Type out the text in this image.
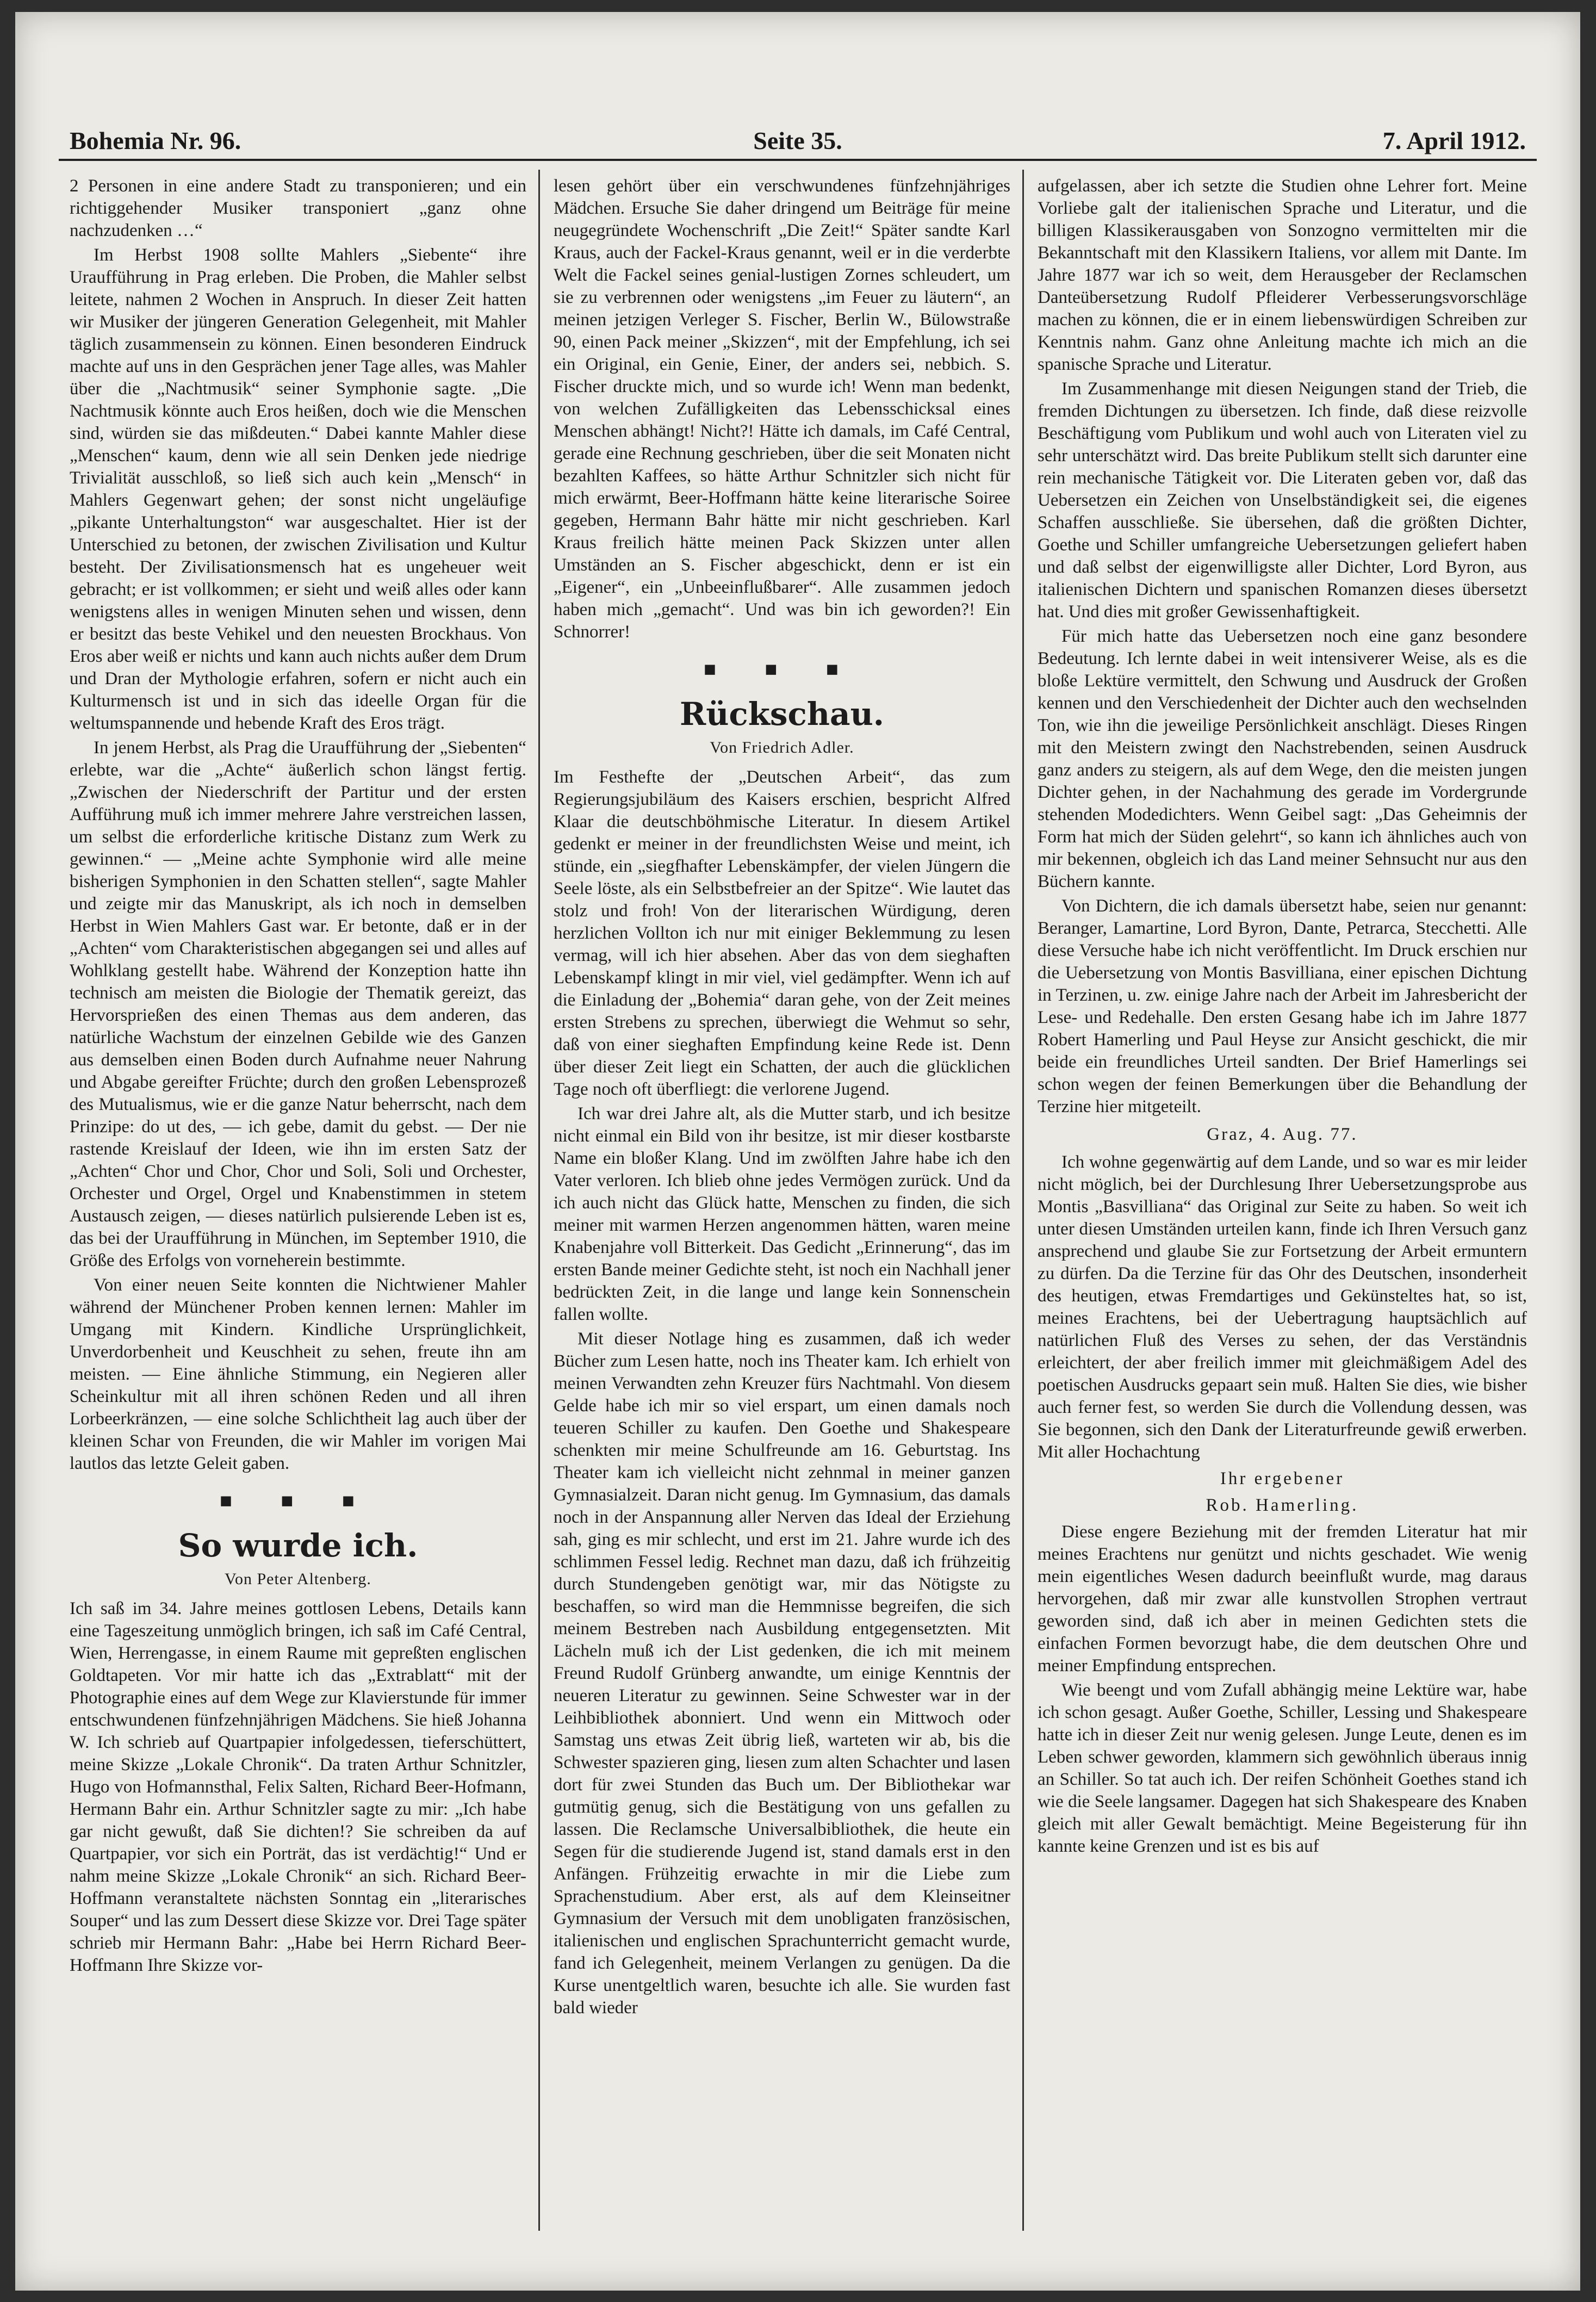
Bohemia Nr. 96.	Seite 35.	7. April 1912.

2 Personen in eine andere Stadt zu transponieren; und ein richtiggehender Musiker transponiert „ganz ohne nachzudenken …“

Im Herbst 1908 sollte Mahlers „Siebente“ ihre Uraufführung in Prag erleben. Die Proben, die Mahler selbst leitete, nahmen 2 Wochen in Anspruch. In dieser Zeit hatten wir Musiker der jüngeren Generation Gelegenheit, mit Mahler täglich zusammensein zu können. Einen besonderen Eindruck machte auf uns in den Gesprächen jener Tage alles, was Mahler über die „Nachtmusik“ seiner Symphonie sagte. „Die Nachtmusik könnte auch Eros heißen, doch wie die Menschen sind, würden sie das mißdeuten.“ Dabei kannte Mahler diese „Menschen“ kaum, denn wie all sein Denken jede niedrige Trivialität ausschloß, so ließ sich auch kein „Mensch“ in Mahlers Gegenwart gehen; der sonst nicht ungeläufige „pikante Unterhaltungston“ war ausgeschaltet. Hier ist der Unterschied zu betonen, der zwischen Zivilisation und Kultur besteht. Der Zivilisationsmensch hat es ungeheuer weit gebracht; er ist vollkommen; er sieht und weiß alles oder kann wenigstens alles in wenigen Minuten sehen und wissen, denn er besitzt das beste Vehikel und den neuesten Brockhaus. Von Eros aber weiß er nichts und kann auch nichts außer dem Drum und Dran der Mythologie erfahren, sofern er nicht auch ein Kulturmensch ist und in sich das ideelle Organ für die weltumspannende und hebende Kraft des Eros trägt.

In jenem Herbst, als Prag die Uraufführung der „Siebenten“ erlebte, war die „Achte“ äußerlich schon längst fertig. „Zwischen der Niederschrift der Partitur und der ersten Aufführung muß ich immer mehrere Jahre verstreichen lassen, um selbst die erforderliche kritische Distanz zum Werk zu gewinnen.“ — „Meine achte Symphonie wird alle meine bisherigen Symphonien in den Schatten stellen“, sagte Mahler und zeigte mir das Manuskript, als ich noch in demselben Herbst in Wien Mahlers Gast war. Er betonte, daß er in der „Achten“ vom Charakteristischen abgegangen sei und alles auf Wohlklang gestellt habe. Während der Konzeption hatte ihn technisch am meisten die Biologie der Thematik gereizt, das Hervorsprießen des einen Themas aus dem anderen, das natürliche Wachstum der einzelnen Gebilde wie des Ganzen aus demselben einen Boden durch Aufnahme neuer Nahrung und Abgabe gereifter Früchte; durch den großen Lebensprozeß des Mutualismus, wie er die ganze Natur beherrscht, nach dem Prinzipe: do ut des, — ich gebe, damit du gebst. — Der nie rastende Kreislauf der Ideen, wie ihn im ersten Satz der „Achten“ Chor und Chor, Chor und Soli, Soli und Orchester, Orchester und Orgel, Orgel und Knabenstimmen in stetem Austausch zeigen, — dieses natürlich pulsierende Leben ist es, das bei der Uraufführung in München, im September 1910, die Größe des Erfolgs von vorneherein bestimmte.

Von einer neuen Seite konnten die Nichtwiener Mahler während der Münchener Proben kennen lernen: Mahler im Umgang mit Kindern. Kindliche Ursprünglichkeit, Unverdorbenheit und Keuschheit zu sehen, freute ihn am meisten. — Eine ähnliche Stimmung, ein Negieren aller Scheinkultur mit all ihren schönen Reden und all ihren Lorbeerkränzen, — eine solche Schlichtheit lag auch über der kleinen Schar von Freunden, die wir Mahler im vorigen Mai lautlos das letzte Geleit gaben.

■ ■ ■
So wurde ich.
Von Peter Altenberg.

Ich saß im 34. Jahre meines gottlosen Lebens, Details kann eine Tageszeitung unmöglich bringen, ich saß im Café Central, Wien, Herrengasse, in einem Raume mit gepreßten englischen Goldtapeten. Vor mir hatte ich das „Extrablatt“ mit der Photographie eines auf dem Wege zur Klavierstunde für immer entschwundenen fünfzehnjährigen Mädchens. Sie hieß Johanna W. Ich schrieb auf Quartpapier infolgedessen, tieferschüttert, meine Skizze „Lokale Chronik“. Da traten Arthur Schnitzler, Hugo von Hofmannsthal, Felix Salten, Richard Beer-Hofmann, Hermann Bahr ein. Arthur Schnitzler sagte zu mir: „Ich habe gar nicht gewußt, daß Sie dichten!? Sie schreiben da auf Quartpapier, vor sich ein Porträt, das ist verdächtig!“ Und er nahm meine Skizze „Lokale Chronik“ an sich. Richard Beer-Hoffmann veranstaltete nächsten Sonntag ein „literarisches Souper“ und las zum Dessert diese Skizze vor. Drei Tage später schrieb mir Hermann Bahr: „Habe bei Herrn Richard Beer-Hoffmann Ihre Skizze vor-

lesen gehört über ein verschwundenes fünfzehnjähriges Mädchen. Ersuche Sie daher dringend um Beiträge für meine neugegründete Wochenschrift „Die Zeit!“ Später sandte Karl Kraus, auch der Fackel-Kraus genannt, weil er in die verderbte Welt die Fackel seines genial-lustigen Zornes schleudert, um sie zu verbrennen oder wenigstens „im Feuer zu läutern“, an meinen jetzigen Verleger S. Fischer, Berlin W., Bülowstraße 90, einen Pack meiner „Skizzen“, mit der Empfehlung, ich sei ein Original, ein Genie, Einer, der anders sei, nebbich. S. Fischer druckte mich, und so wurde ich! Wenn man bedenkt, von welchen Zufälligkeiten das Lebensschicksal eines Menschen abhängt! Nicht?! Hätte ich damals, im Café Central, gerade eine Rechnung geschrieben, über die seit Monaten nicht bezahlten Kaffees, so hätte Arthur Schnitzler sich nicht für mich erwärmt, Beer-Hoffmann hätte keine literarische Soiree gegeben, Hermann Bahr hätte mir nicht geschrieben. Karl Kraus freilich hätte meinen Pack Skizzen unter allen Umständen an S. Fischer abgeschickt, denn er ist ein „Eigener“, ein „Unbeeinflußbarer“. Alle zusammen jedoch haben mich „gemacht“. Und was bin ich geworden?! Ein Schnorrer!

■ ■ ■
Rückschau.
Von Friedrich Adler.

Im Festhefte der „Deutschen Arbeit“, das zum Regierungsjubiläum des Kaisers erschien, bespricht Alfred Klaar die deutschböhmische Literatur. In diesem Artikel gedenkt er meiner in der freundlichsten Weise und meint, ich stünde, ein „siegfhafter Lebenskämpfer, der vielen Jüngern die Seele löste, als ein Selbstbefreier an der Spitze“. Wie lautet das stolz und froh! Von der literarischen Würdigung, deren herzlichen Vollton ich nur mit einiger Beklemmung zu lesen vermag, will ich hier absehen. Aber das von dem sieghaften Lebenskampf klingt in mir viel, viel gedämpfter. Wenn ich auf die Einladung der „Bohemia“ daran gehe, von der Zeit meines ersten Strebens zu sprechen, überwiegt die Wehmut so sehr, daß von einer sieghaften Empfindung keine Rede ist. Denn über dieser Zeit liegt ein Schatten, der auch die glücklichen Tage noch oft überfliegt: die verlorene Jugend.

Ich war drei Jahre alt, als die Mutter starb, und ich besitze nicht einmal ein Bild von ihr besitze, ist mir dieser kostbarste Name ein bloßer Klang. Und im zwölften Jahre habe ich den Vater verloren. Ich blieb ohne jedes Vermögen zurück. Und da ich auch nicht das Glück hatte, Menschen zu finden, die sich meiner mit warmen Herzen angenommen hätten, waren meine Knabenjahre voll Bitterkeit. Das Gedicht „Erinnerung“, das im ersten Bande meiner Gedichte steht, ist noch ein Nachhall jener bedrückten Zeit, in die lange und lange kein Sonnenschein fallen wollte.

Mit dieser Notlage hing es zusammen, daß ich weder Bücher zum Lesen hatte, noch ins Theater kam. Ich erhielt von meinen Verwandten zehn Kreuzer fürs Nachtmahl. Von diesem Gelde habe ich mir so viel erspart, um einen damals noch teueren Schiller zu kaufen. Den Goethe und Shakespeare schenkten mir meine Schulfreunde am 16. Geburtstag. Ins Theater kam ich vielleicht nicht zehnmal in meiner ganzen Gymnasialzeit. Daran nicht genug. Im Gymnasium, das damals noch in der Anspannung aller Nerven das Ideal der Erziehung sah, ging es mir schlecht, und erst im 21. Jahre wurde ich des schlimmen Fessel ledig. Rechnet man dazu, daß ich frühzeitig durch Stundengeben genötigt war, mir das Nötigste zu beschaffen, so wird man die Hemmnisse begreifen, die sich meinem Bestreben nach Ausbildung entgegensetzten. Mit Lächeln muß ich der List gedenken, die ich mit meinem Freund Rudolf Grünberg anwandte, um einige Kenntnis der neueren Literatur zu gewinnen. Seine Schwester war in der Leihbibliothek abonniert. Und wenn ein Mittwoch oder Samstag uns etwas Zeit übrig ließ, warteten wir ab, bis die Schwester spazieren ging, liesen zum alten Schachter und lasen dort für zwei Stunden das Buch um. Der Bibliothekar war gutmütig genug, sich die Bestätigung von uns gefallen zu lassen. Die Reclamsche Universalbibliothek, die heute ein Segen für die studierende Jugend ist, stand damals erst in den Anfängen. Frühzeitig erwachte in mir die Liebe zum Sprachenstudium. Aber erst, als auf dem Kleinseitner Gymnasium der Versuch mit dem unobligaten französischen, italienischen und englischen Sprachunterricht gemacht wurde, fand ich Gelegenheit, meinem Verlangen zu genügen. Da die Kurse unentgeltlich waren, besuchte ich alle. Sie wurden fast bald wieder

aufgelassen, aber ich setzte die Studien ohne Lehrer fort. Meine Vorliebe galt der italienischen Sprache und Literatur, und die billigen Klassikerausgaben von Sonzogno vermittelten mir die Bekanntschaft mit den Klassikern Italiens, vor allem mit Dante. Im Jahre 1877 war ich so weit, dem Herausgeber der Reclamschen Danteübersetzung Rudolf Pfleiderer Verbesserungsvorschläge machen zu können, die er in einem liebenswürdigen Schreiben zur Kenntnis nahm. Ganz ohne Anleitung machte ich mich an die spanische Sprache und Literatur.

Im Zusammenhange mit diesen Neigungen stand der Trieb, die fremden Dichtungen zu übersetzen. Ich finde, daß diese reizvolle Beschäftigung vom Publikum und wohl auch von Literaten viel zu sehr unterschätzt wird. Das breite Publikum stellt sich darunter eine rein mechanische Tätigkeit vor. Die Literaten geben vor, daß das Uebersetzen ein Zeichen von Unselbständigkeit sei, die eigenes Schaffen ausschließe. Sie übersehen, daß die größten Dichter, Goethe und Schiller umfangreiche Uebersetzungen geliefert haben und daß selbst der eigenwilligste aller Dichter, Lord Byron, aus italienischen Dichtern und spanischen Romanzen dieses übersetzt hat. Und dies mit großer Gewissenhaftigkeit.

Für mich hatte das Uebersetzen noch eine ganz besondere Bedeutung. Ich lernte dabei in weit intensiverer Weise, als es die bloße Lektüre vermittelt, den Schwung und Ausdruck der Großen kennen und den Verschiedenheit der Dichter auch den wechselnden Ton, wie ihn die jeweilige Persönlichkeit anschlägt. Dieses Ringen mit den Meistern zwingt den Nachstrebenden, seinen Ausdruck ganz anders zu steigern, als auf dem Wege, den die meisten jungen Dichter gehen, in der Nachahmung des gerade im Vordergrunde stehenden Modedichters. Wenn Geibel sagt: „Das Geheimnis der Form hat mich der Süden gelehrt“, so kann ich ähnliches auch von mir bekennen, obgleich ich das Land meiner Sehnsucht nur aus den Büchern kannte.

Von Dichtern, die ich damals übersetzt habe, seien nur genannt: Beranger, Lamartine, Lord Byron, Dante, Petrarca, Stecchetti. Alle diese Versuche habe ich nicht veröffentlicht. Im Druck erschien nur die Uebersetzung von Montis Basvilliana, einer epischen Dichtung in Terzinen, u. zw. einige Jahre nach der Arbeit im Jahresbericht der Lese- und Redehalle. Den ersten Gesang habe ich im Jahre 1877 Robert Hamerling und Paul Heyse zur Ansicht geschickt, die mir beide ein freundliches Urteil sandten. Der Brief Hamerlings sei schon wegen der feinen Bemerkungen über die Behandlung der Terzine hier mitgeteilt.

Graz, 4. Aug. 77.

Ich wohne gegenwärtig auf dem Lande, und so war es mir leider nicht möglich, bei der Durchlesung Ihrer Uebersetzungsprobe aus Montis „Basvilliana“ das Original zur Seite zu haben. So weit ich unter diesen Umständen urteilen kann, finde ich Ihren Versuch ganz ansprechend und glaube Sie zur Fortsetzung der Arbeit ermuntern zu dürfen. Da die Terzine für das Ohr des Deutschen, insonderheit des heutigen, etwas Fremdartiges und Gekünsteltes hat, so ist, meines Erachtens, bei der Uebertragung hauptsächlich auf natürlichen Fluß des Verses zu sehen, der das Verständnis erleichtert, der aber freilich immer mit gleichmäßigem Adel des poetischen Ausdrucks gepaart sein muß. Halten Sie dies, wie bisher auch ferner fest, so werden Sie durch die Vollendung dessen, was Sie begonnen, sich den Dank der Literaturfreunde gewiß erwerben. Mit aller Hochachtung

Ihr ergebener
Rob. Hamerling.

Diese engere Beziehung mit der fremden Literatur hat mir meines Erachtens nur genützt und nichts geschadet. Wie wenig mein eigentliches Wesen dadurch beeinflußt wurde, mag daraus hervorgehen, daß mir zwar alle kunstvollen Strophen vertraut geworden sind, daß ich aber in meinen Gedichten stets die einfachen Formen bevorzugt habe, die dem deutschen Ohre und meiner Empfindung entsprechen.

Wie beengt und vom Zufall abhängig meine Lektüre war, habe ich schon gesagt. Außer Goethe, Schiller, Lessing und Shakespeare hatte ich in dieser Zeit nur wenig gelesen. Junge Leute, denen es im Leben schwer geworden, klammern sich gewöhnlich überaus innig an Schiller. So tat auch ich. Der reifen Schönheit Goethes stand ich wie die Seele langsamer. Dagegen hat sich Shakespeare des Knaben gleich mit aller Gewalt bemächtigt. Meine Begeisterung für ihn kannte keine Grenzen und ist es bis auf
